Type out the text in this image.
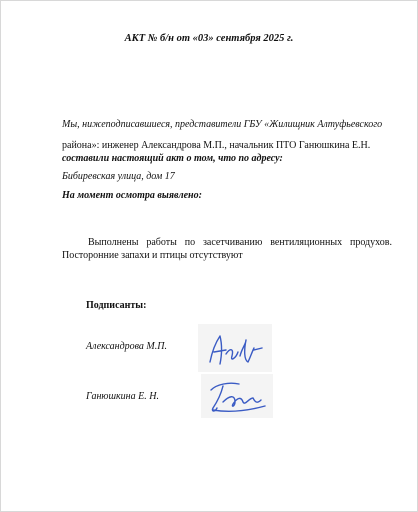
АКТ № б/н от «03» сентября 2025 г.
Мы, нижеподписавшиеся, представители ГБУ «Жилищник Алтуфьевского
района»: инженер Александрова М.П., начальник ПТО Ганюшкина Е.Н.
составили настоящий акт о том, что по адресу:
Бибиревская улица, дом 17
На момент осмотра выявлено:
Выполнены работы по засетчиванию вентиляционных продухов. Посторонние запахи и птицы отсутствуют
Подписанты:
Александрова М.П.
Ганюшкина Е. Н.
